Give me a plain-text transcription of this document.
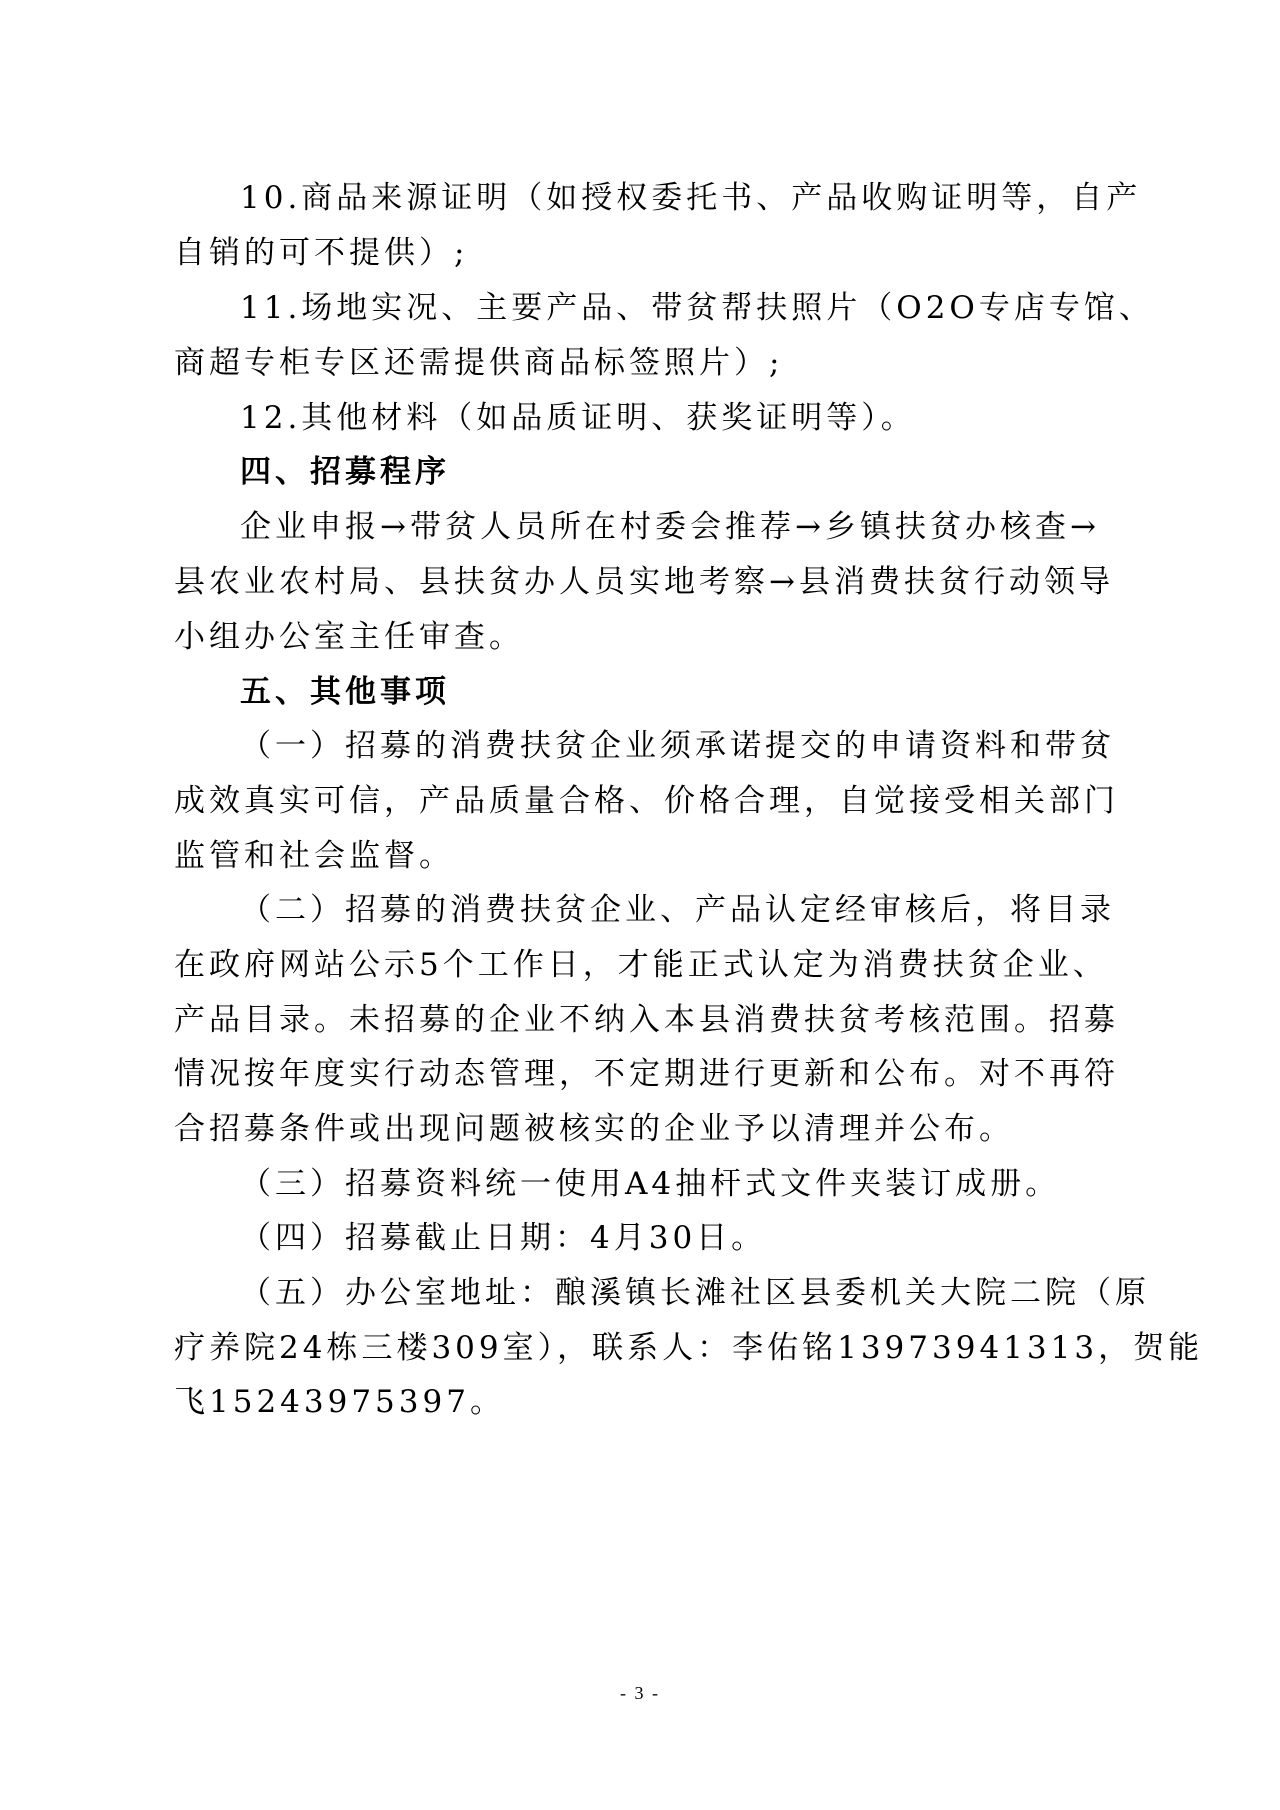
10.商品来源证明（如授权委托书、产品收购证明等，自产
自销的可不提供）;
11.场地实况、主要产品、带贫帮扶照片（O2O专店专馆、
商超专柜专区还需提供商品标签照片）;
12.其他材料（如品质证明、获奖证明等）。
四、招募程序
企业申报→带贫人员所在村委会推荐→乡镇扶贫办核查→
县农业农村局、县扶贫办人员实地考察→县消费扶贫行动领导
小组办公室主任审查。
五、其他事项
（一）招募的消费扶贫企业须承诺提交的申请资料和带贫
成效真实可信，产品质量合格、价格合理，自觉接受相关部门
监管和社会监督。
（二）招募的消费扶贫企业、产品认定经审核后，将目录
在政府网站公示5个工作日，才能正式认定为消费扶贫企业、
产品目录。未招募的企业不纳入本县消费扶贫考核范围。招募
情况按年度实行动态管理，不定期进行更新和公布。对不再符
合招募条件或出现问题被核实的企业予以清理并公布。
（三）招募资料统一使用A4抽杆式文件夹装订成册。
（四）招募截止日期：4月30日。
（五）办公室地址：酿溪镇长滩社区县委机关大院二院（原
疗养院24栋三楼309室），联系人：李佑铭13973941313，贺能
飞15243975397。
- 3 -
